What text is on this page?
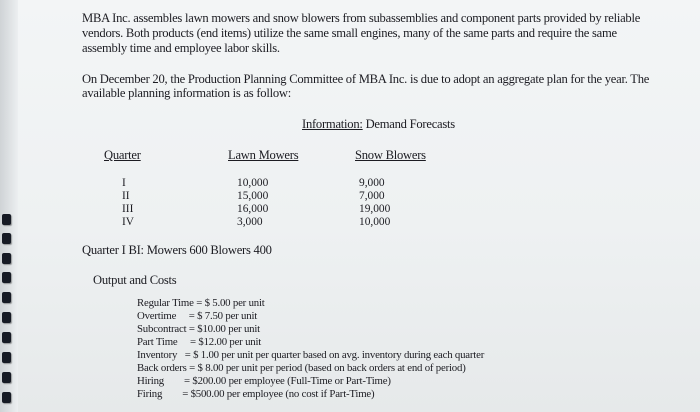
MBA Inc. assembles lawn mowers and snow blowers from subassemblies and component parts provided by reliable
vendors. Both products (end items) utilize the same small engines, many of the same parts and require the same
assembly time and employee labor skills.
On December 20, the Production Planning Committee of MBA Inc. is due to adopt an aggregate plan for the year. The
available planning information is as follow:
Information: Demand Forecasts
Quarter	Lawn Mowers	Snow Blowers
I
II
III
IV
10,000
15,000
16,000
3,000
9,000
7,000
19,000
10,000
Quarter I BI: Mowers 600 Blowers 400
Output and Costs
Regular Time = $ 5.00 per unit
Overtime = $ 7.50 per unit
Subcontract = $10.00 per unit
Part Time = $12.00 per unit
Inventory = $ 1.00 per unit per quarter based on avg. inventory during each quarter
Back orders = $ 8.00 per unit per period (based on back orders at end of period)
Hiring = $200.00 per employee (Full-Time or Part-Time)
Firing = $500.00 per employee (no cost if Part-Time)
